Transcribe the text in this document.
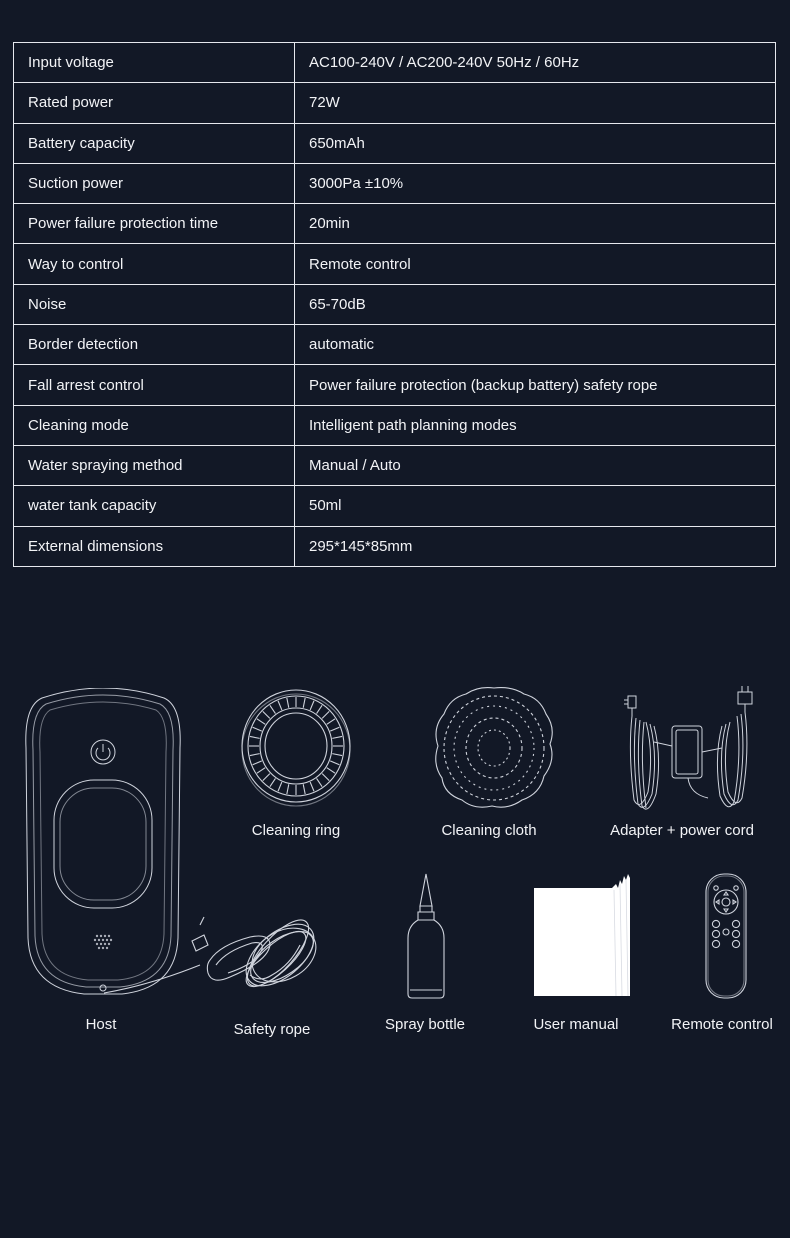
Input voltage	AC100-240V / AC200-240V 50Hz / 60Hz
Rated power	72W
Battery capacity	650mAh
Suction power	3000Pa ±10%
Power failure protection time	20min
Way to control	Remote control
Noise	65-70dB
Border detection	automatic
Fall arrest control	Power failure protection (backup battery) safety rope
Cleaning mode	Intelligent path planning modes
Water spraying method	Manual / Auto
water tank capacity	50ml
External dimensions	295*145*85mm
Cleaning ring	Cleaning cloth	Adapter + power cord
Host	Safety rope	Spray bottle	User manual	Remote control
